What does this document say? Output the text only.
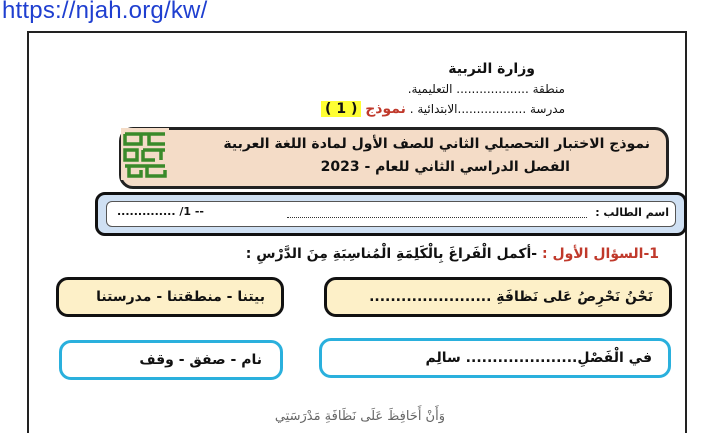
https://njah.org/kw/
وزارة التربية
منطقة ................... التعليمية.
مدرسة ..................الابتدائية . نموذج ( 1 )
نموذج الاختبار التحصيلي الثاني للصف الأول لمادة اللغة العربية
الفصل الدراسي الثاني للعام - 2023
اسم الطالب :
.............. /1 --
1-السؤال الأول : -أكمل الْفَراغَ بِالْكَلِمَةِ الْمُناسِبَةِ مِنَ الدَّرْسِ :
بيتنا - منطقتنا - مدرستنا	نَحْنُ نَحْرِصُ عَلى نَظافَةِ .......................
نام - صفق - وقف	في الْفَصْلِ..................... سالِم
وَأَنْ أَحَافِظَ عَلَى نَظَافَةِ مَدْرَسَتِي
